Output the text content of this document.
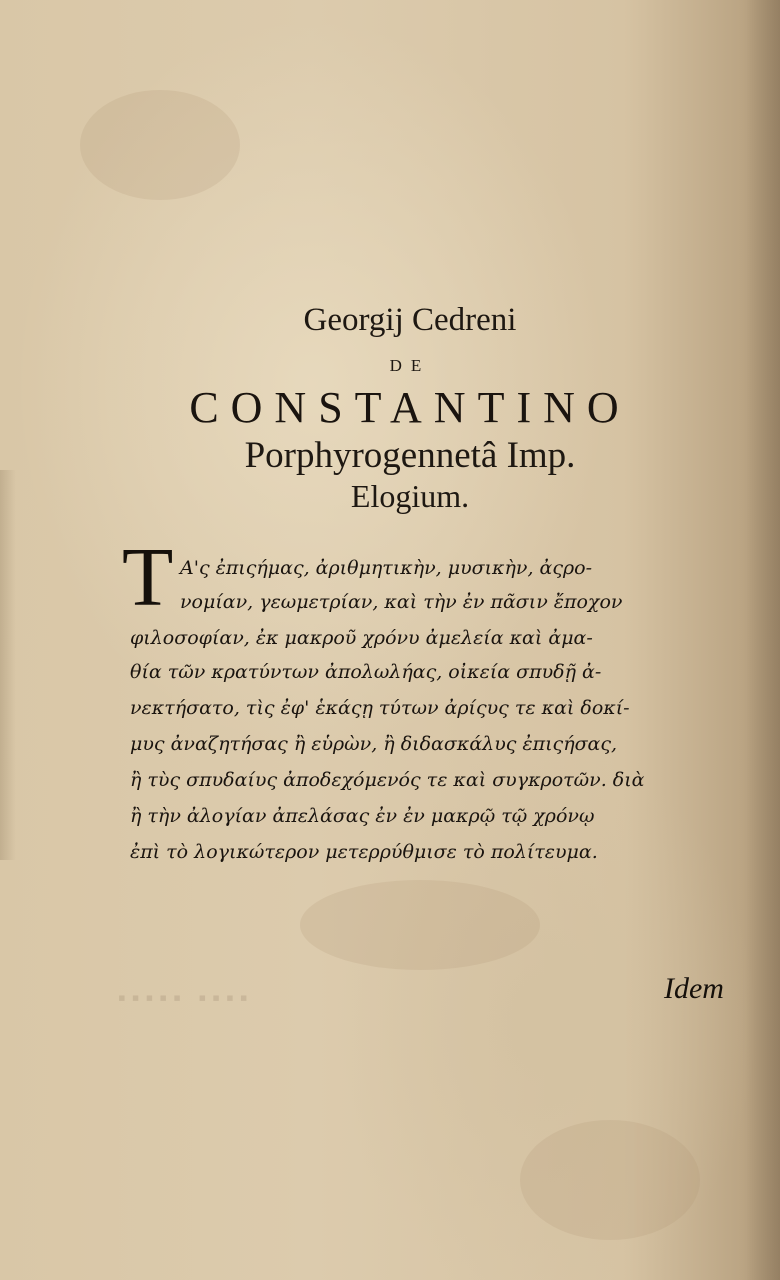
▪▪▪▪▪ ▪▪▪▪
Georgij Cedreni
DE
CONSTANTINO
Porphyrogennetâ Imp.
Elogium.
T Α'ς ἐπιςήμας, ἀριθμητικὴν, μυσικὴν, ἀςρο-
νομίαν, γεωμετρίαν, καὶ τὴν ἐν πᾶσιν ἔποχον
φιλοσοφίαν, ἐκ μακροῦ χρόνυ ἀμελεία καὶ ἀμα-
θία τῶν κρατύντων ἀπολωλήας, οἰκεία σπυδῇ ἀ-
νεκτήσατο, τὶς ἐφ' ἑκάςῃ τύτων ἀρίςυς τε καὶ δοκί-
μυς ἀναζητήσας ἢ εὑρὼν, ἢ διδασκάλυς ἐπιςήσας,
ἢ τὺς σπυδαίυς ἀποδεχόμενός τε καὶ συγκροτῶν. διὰ
ἢ τὴν ἀλογίαν ἀπελάσας ἐν ἐν μακρῷ τῷ χρόνῳ
ἐπὶ τὸ λογικώτερον μετερρύθμισε τὸ πολίτευμα.
Idem
